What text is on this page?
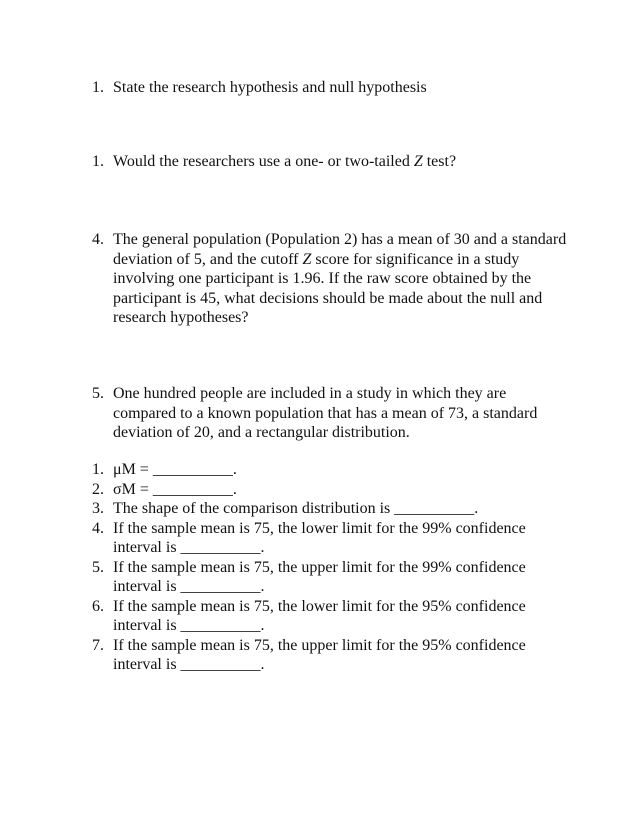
1. State the research hypothesis and null hypothesis
1. Would the researchers use a one- or two-tailed Z test?
4. The general population (Population 2) has a mean of 30 and a standard deviation of 5, and the cutoff Z score for significance in a study involving one participant is 1.96. If the raw score obtained by the participant is 45, what decisions should be made about the null and research hypotheses?
5. One hundred people are included in a study in which they are compared to a known population that has a mean of 73, a standard deviation of 20, and a rectangular distribution.
1. μM = __________.
2. σM = __________.
3. The shape of the comparison distribution is __________.
4. If the sample mean is 75, the lower limit for the 99% confidence interval is __________.
5. If the sample mean is 75, the upper limit for the 99% confidence interval is __________.
6. If the sample mean is 75, the lower limit for the 95% confidence interval is __________.
7. If the sample mean is 75, the upper limit for the 95% confidence interval is __________.
